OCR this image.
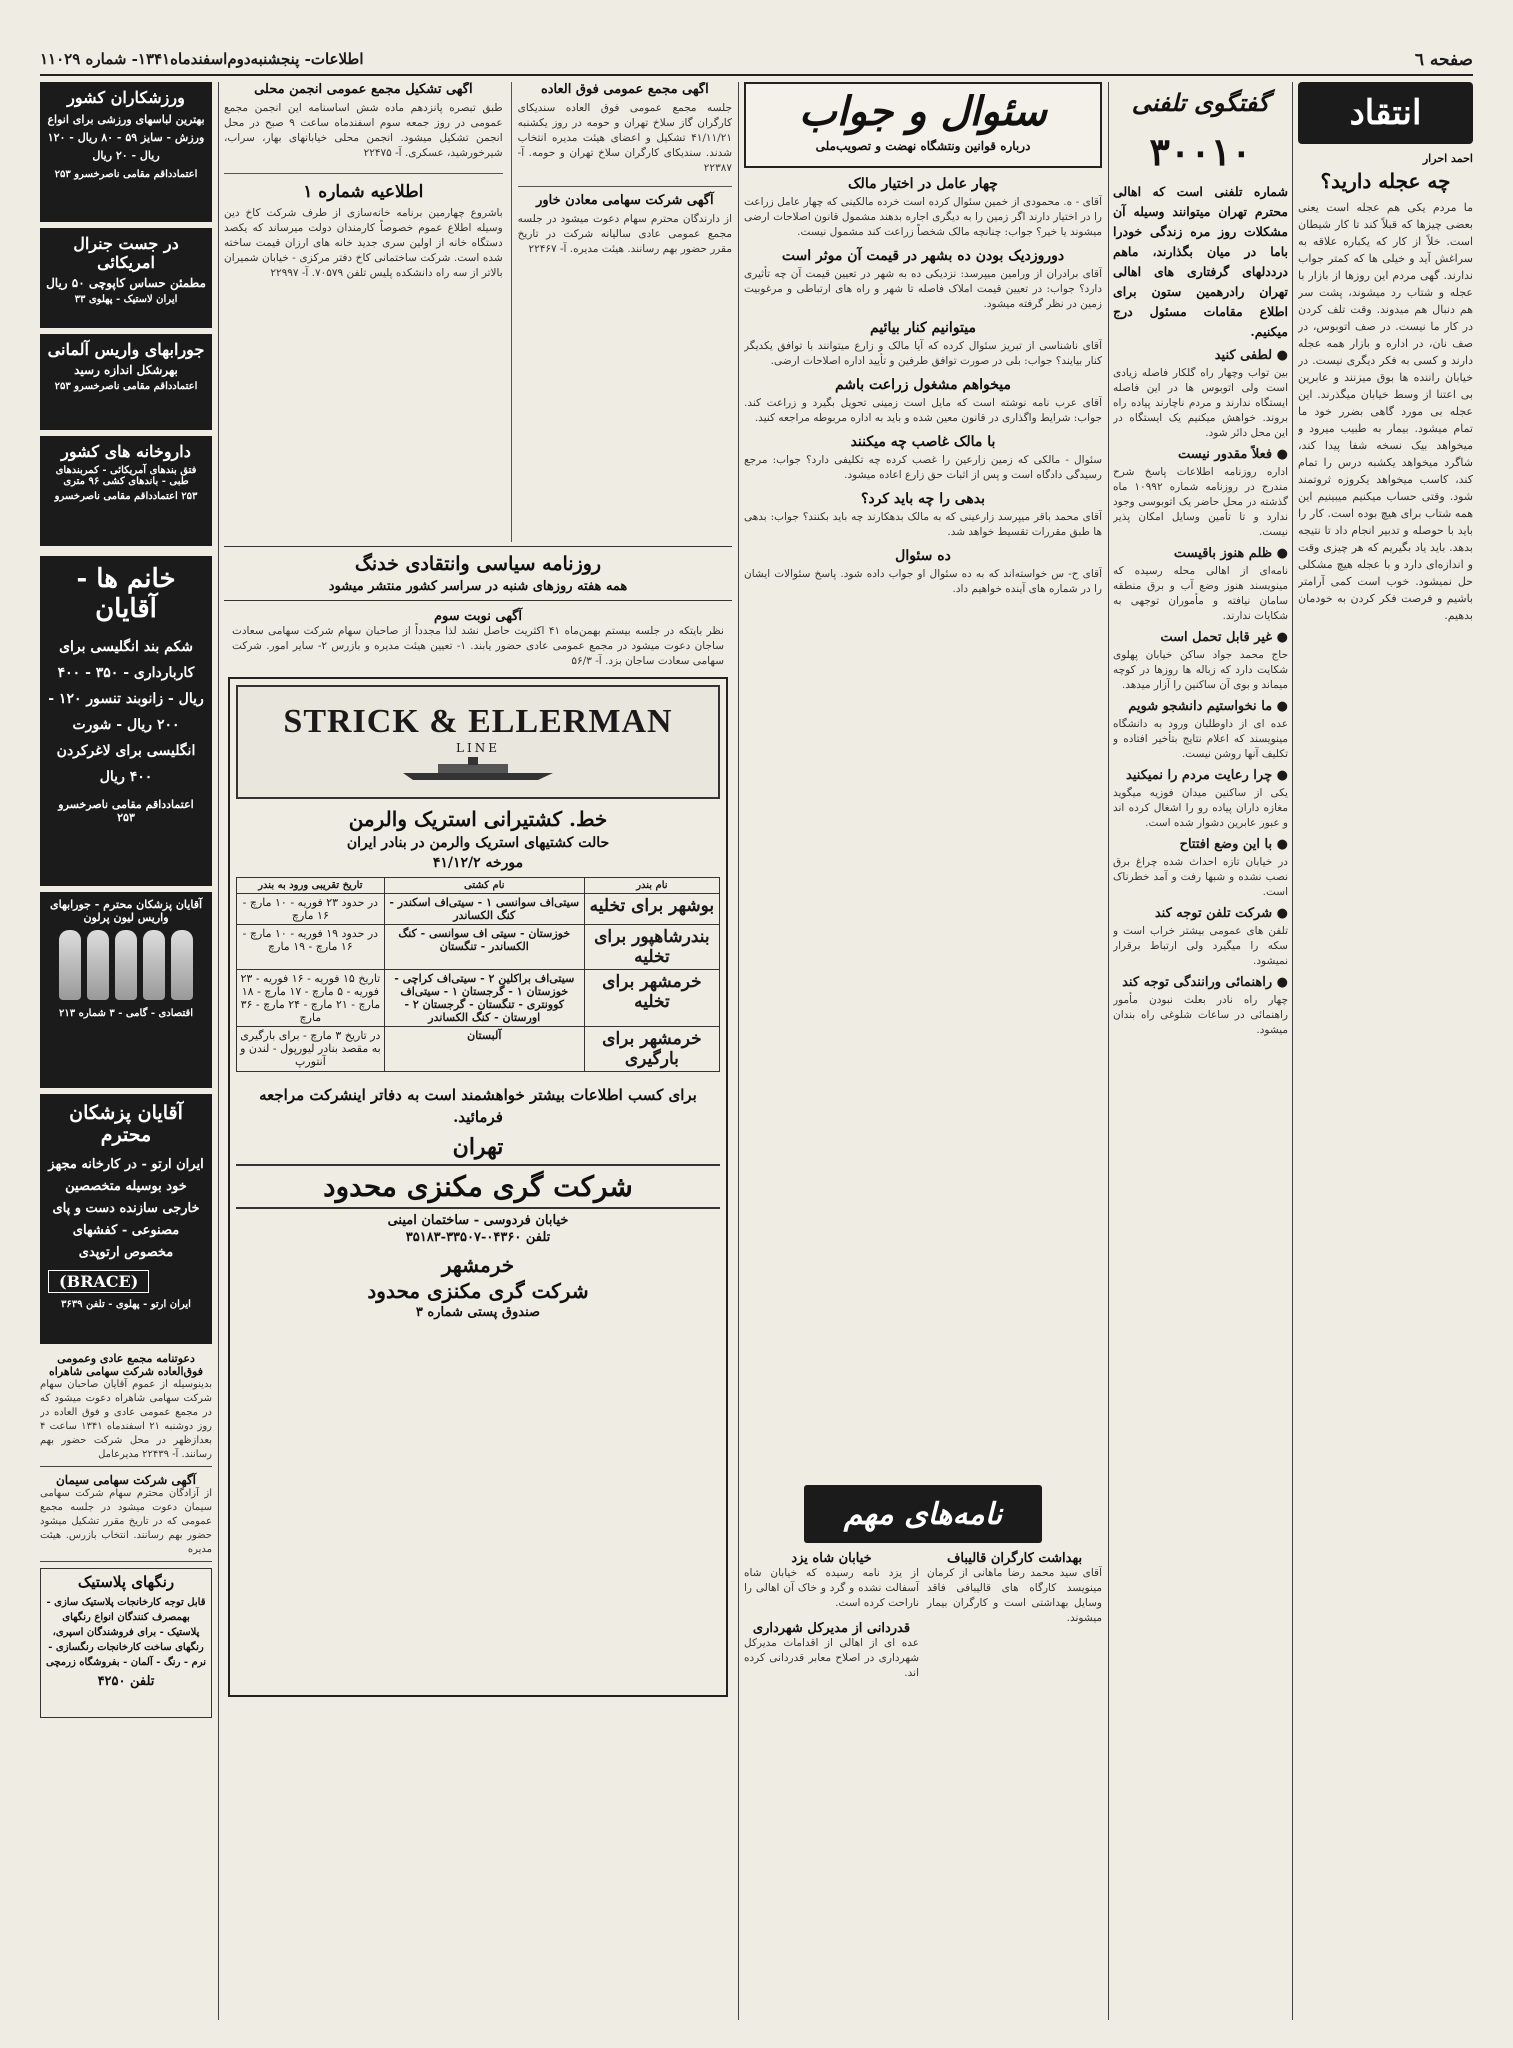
اطلاعات- پنجشنبه‌دوم‌اسفندماه۱۳۴۱- شماره ۱۱۰۲۹	صفحه ٦
انتقاد
احمد احرار
چه عجله دارید؟
ما مردم یکی هم عجله است یعنی بعضی چیزها که قبلاً کند تا کار شیطان است. خلاً از کار که یکباره علاقه به سراغش آید و خیلی ها که کمتر جواب ندارند. گهی مردم این روزها از بازار با عجله و شتاب رد میشوند، پشت سر هم دنبال هم میدوند. وقت تلف کردن در کار ما نیست. در صف اتوبوس، در صف نان، در اداره و بازار همه عجله دارند و کسی به فکر دیگری نیست. در خیابان راننده ها بوق میزنند و عابرین بی اعتنا از وسط خیابان میگذرند. این عجله بی مورد گاهی بضرر خود ما تمام میشود. بیمار به طبیب میرود و میخواهد بیک نسخه شفا پیدا کند، شاگرد میخواهد یکشبه درس را تمام کند، کاسب میخواهد یکروزه ثروتمند شود. وقتی حساب میکنیم میبینیم این همه شتاب برای هیچ بوده است. کار را باید با حوصله و تدبیر انجام داد تا نتیجه بدهد. باید یاد بگیریم که هر چیزی وقت و اندازه‌ای دارد و با عجله هیچ مشکلی حل نمیشود. خوب است کمی آرامتر باشیم و فرصت فکر کردن به خودمان بدهیم.
گفتگوی تلفنی
۳۰۰۱۰
شماره تلفنی است که اهالی محترم تهران میتوانند وسیله آن مشکلات روز مره زندگی خودرا باما در میان بگذارند، ماهم دردد‌لهای گرفتاری های اهالی تهران رادرهمین ستون برای اطلاع مقامات مسئول درج میکنیم.
● لطفی کنید
بین تواب وچهار راه گلکار فاصله زیادی است ولی اتوبوس ها در این فاصله ایستگاه ندارند و مردم ناچارند پیاده راه بروند. خواهش میکنیم یک ایستگاه در این محل دائر شود.
● فعلاً مقدور نیست
اداره روزنامه اطلاعات پاسخ شرح مندرج در روزنامه شماره ۱۰۹۹۲ ماه گذشته در محل حاضر یک اتوبوسی وجود ندارد و تا تأمین وسایل امکان پذیر نیست.
● ظلم هنوز باقیست
نامه‌ای از اهالی محله رسیده که مینویسند هنوز وضع آب و برق منطقه سامان نیافته و مأموران توجهی به شکایات ندارند.
● غیر قابل تحمل است
حاج محمد جواد ساکن خیابان پهلوی شکایت دارد که زباله ها روزها در کوچه میماند و بوی آن ساکنین را آزار میدهد.
● ما نخواستیم دانشجو شویم
عده ای از داوطلبان ورود به دانشگاه مینویسند که اعلام نتایج بتأخیر افتاده و تکلیف آنها روشن نیست.
● چرا رعایت مردم را نمیکنید
یکی از ساکنین میدان فوزیه میگوید مغازه داران پیاده رو را اشغال کرده اند و عبور عابرین دشوار شده است.
● با این وضع افتتاح
در خیابان تازه احداث شده چراغ برق نصب نشده و شبها رفت و آمد خطرناک است.
● شرکت تلفن توجه کند
تلفن های عمومی بیشتر خراب است و سکه را میگیرد ولی ارتباط برقرار نمیشود.
● راهنمائی ورانندگی توجه کند
چهار راه نادر بعلت نبودن مأمور راهنمائی در ساعات شلوغی راه بندان میشود.
سئوال و جواب
درباره قوانین ونتشگاه نهضت و تصویب‌ملی
چهار عامل در اختیار مالک
آقای - ه. محمودی از خمین سئوال کرده است خرده مالکینی که چهار عامل زراعت را در اختیار دارند اگر زمین را به دیگری اجاره بدهند مشمول قانون اصلاحات ارضی میشوند یا خیر؟ جواب: چنانچه مالک شخصاً زراعت کند مشمول نیست.
دوروزدیک بودن ده بشهر در قیمت آن موثر است
آقای برادران از ورامین میپرسد: نزدیکی ده به شهر در تعیین قیمت آن چه تأثیری دارد؟ جواب: در تعیین قیمت املاک فاصله تا شهر و راه های ارتباطی و مرغوبیت زمین در نظر گرفته میشود.
میتوانیم کنار بیائیم
آقای ناشناسی از تبریز سئوال کرده که آیا مالک و زارع میتوانند با توافق یکدیگر کنار بیایند؟ جواب: بلی در صورت توافق طرفین و تأیید اداره اصلاحات ارضی.
میخواهم مشغول زراعت باشم
آقای عرب نامه نوشته است که مایل است زمینی تحویل بگیرد و زراعت کند. جواب: شرایط واگذاری در قانون معین شده و باید به اداره مربوطه مراجعه کنید.
با مالک غاصب چه میکنند
سئوال - مالکی که زمین زارعین را غصب کرده چه تکلیفی دارد؟ جواب: مرجع رسیدگی دادگاه است و پس از اثبات حق زارع اعاده میشود.
بدهی را چه باید کرد؟
آقای محمد باقر میپرسد زارعینی که به مالک بدهکارند چه باید بکنند؟ جواب: بدهی ها طبق مقررات تقسیط خواهد شد.
ده سئوال
آقای ح- س خواسته‌اند که به ده سئوال او جواب داده شود. پاسخ سئوالات ایشان را در شماره های آینده خواهیم داد.
نامه‌های مهم
بهداشت کارگران قالیباف
آقای سید محمد رضا ماهانی از کرمان مینویسد کارگاه های قالیبافی فاقد وسایل بهداشتی است و کارگران بیمار میشوند.
خیابان شاه یزد
از یزد نامه رسیده که خیابان شاه آسفالت نشده و گرد و خاک آن اهالی را ناراحت کرده است.
قدردانی از مدیرکل شهرداری
عده ای از اهالی از اقدامات مدیرکل شهرداری در اصلاح معابر قدردانی کرده اند.
آگهی مجمع عمومی فوق العاده
جلسه مجمع عمومی فوق العاده سندیکای کارگران گاز سلاخ تهران و حومه در روز یکشنبه ۴۱/۱۱/۲۱ تشکیل و اعضای هیئت مدیره انتخاب شدند. سندیکای کارگران سلاخ تهران و حومه. آ- ۲۲۳۸۷
آگهی شرکت سهامی معادن خاور
از دارندگان محترم سهام دعوت میشود در جلسه مجمع عمومی عادی سالیانه شرکت در تاریخ مقرر حضور بهم رسانند. هیئت مدیره. آ- ۲۲۴۶۷
آگهی تشکیل مجمع عمومی انجمن محلی
طبق تبصره پانزدهم ماده شش اساسنامه این انجمن مجمع عمومی در روز جمعه سوم اسفندماه ساعت ۹ صبح در محل انجمن تشکیل میشود. انجمن محلی خیابانهای بهار، سراب، شیرخورشید، عسکری. آ- ۲۲۴۷۵
اطلاعیه شماره ۱
باشروع چهارمین برنامه خانه‌سازی از طرف شرکت کاخ دین وسیله اطلاع عموم خصوصاً کارمندان دولت میرساند که یکصد دستگاه خانه از اولین سری جدید خانه های ارزان قیمت ساخته شده است. شرکت ساختمانی کاخ دفتر مرکزی - خیابان شمیران بالاتر از سه راه دانشکده پلیس تلفن ۷۰۵۷۹. آ- ۲۲۹۹۷
روزنامه سیاسی وانتقادی خدنگ
همه هفته روزهای شنبه در سراسر کشور منتشر میشود
آگهی نوبت سوم
نظر بایتکه در جلسه بیستم بهمن‌ماه ۴۱ اکثریت حاصل نشد لذا مجدداً از صاحبان سهام شرکت سهامی سعادت ساجان دعوت میشود در مجمع عمومی عادی حضور یابند. ۱- تعیین هیئت مدیره و بازرس ۲- سایر امور. شرکت سهامی سعادت ساجان بزد. آ- ۵۶/۳
STRICK & ELLERMAN
LINE
خط. کشتیرانی استریک والرمن
حالت کشتیهای استریک والرمن در بنادر ایران
مورخه ۴۱/۱۲/۲
نام بندر	نام کشتی	تاریخ تقریبی ورود به بندر
بوشهر برای تخلیه	سیتی‌اف سوانسی ۱ - سیتی‌اف اسکندر - کنگ الکساندر	در حدود ۲۳ فوریه - ۱۰ مارچ - ۱۶ مارچ
بندرشاهپور برای تخلیه	خوزستان - سیتی اف سوانسی - کنگ الکساندر - تنگستان	در حدود ۱۹ فوریه - ۱۰ مارچ - ۱۶ مارچ - ۱۹ مارچ
خرمشهر برای تخلیه	سیتی‌اف براکلین ۲ - سیتی‌اف کراچی - خوزستان ۱ - گرجستان ۱ - سیتی‌اف کوونتری - تنگستان - گرجستان ۲ - اورستان - کنگ الکساندر	تاریخ ۱۵ فوریه - ۱۶ فوریه - ۲۳ فوریه - ۵ مارچ - ۱۷ مارچ - ۱۸ مارچ - ۲۱ مارچ - ۲۴ مارچ - ۳۶ مارچ
خرمشهر برای بارگیری	آلبستان	در تاریخ ۳ مارچ - برای بارگیری به مقصد بنادر لیورپول - لندن و آنتورپ
برای کسب اطلاعات بیشتر خواهشمند است به دفاتر اینشرکت مراجعه فرمائید.
تهران
شرکت گری مکنزی محدود
خیابان فردوسی - ساختمان امینی
تلفن ۰۴۳۶۰-۳۳۵۰۷-۳۵۱۸۳
خرمشهر
شرکت گری مکنزی محدود
صندوق پستی شماره ۳
ورزشکاران کشور
بهترین لباسهای ورزشی برای انواع ورزش - سایز ۵۹ - ۸۰ ریال - ۱۲۰ ریال - ۲۰ ریال
اعتماد‌داقم مقامی ناصرخسرو ۲۵۳
در جست جنرال امریکائی
مطمئن حساس کاپوچی ۵۰ ریال
ایران لاستیک - پهلوی ۳۳
جورابهای واریس آلمانی
بهرشکل اندازه رسید
اعتماد‌داقم مقامی ناصرخسرو ۲۵۳
داروخانه های کشور
فتق بندهای آمریکائی - کمربندهای طبی - باندهای کشی ۹۶ متری
۲۵۳ اعتماد‌داقم مقامی ناصرخسرو
خانم ها - آقایان
شکم بند انگلیسی برای کاربارداری - ۳۵۰ - ۴۰۰ ریال - زانوبند تنسور ۱۲۰ - ۲۰۰ ریال - شورت انگلیسی برای لاغرکردن ۴۰۰ ریال
اعتماد‌داقم مقامی ناصرخسرو ۲۵۳
آقایان پزشکان محترم - جورابهای واریس لیون پرلون
اقتصادی - گامی - ۳ شماره ۲۱۳
آقایان پزشکان محترم
ایران ارتو - در کارخانه مجهز خود بوسیله متخصصین خارجی سازنده دست و پای مصنوعی - کفشهای مخصوص ارتوپدی
(BRACE)
ایران ارتو - پهلوی - تلفن ۳۶۳۹
دعوتنامه مجمع عادی وعمومی فوق‌العاده شرکت سهامی شاهراه
بدینوسیله از عموم آقایان صاحبان سهام شرکت سهامی شاهراه دعوت میشود که در مجمع عمومی عادی و فوق العاده در روز دوشنبه ۲۱ اسفندماه ۱۳۴۱ ساعت ۴ بعدازظهر در محل شرکت حضور بهم رسانند. آ- ۲۲۴۳۹ مدیرعامل
آگهی شرکت سهامی سیمان
از آزادگان محترم سهام شرکت سهامی سیمان دعوت میشود در جلسه مجمع عمومی که در تاریخ مقرر تشکیل میشود حضور بهم رسانند. انتخاب بازرس. هیئت مدیره
رنگهای پلاستیک
قابل توجه کارخانجات پلاستیک سازی - بهمصرف کنندگان انواع رنگهای پلاستیک - برای فروشندگان اسپری، رنگهای ساخت کارخانجات رنگسازی - نرم - رنگ - آلمان - بفروشگاه زرمچی
تلفن ۴۲۵۰
